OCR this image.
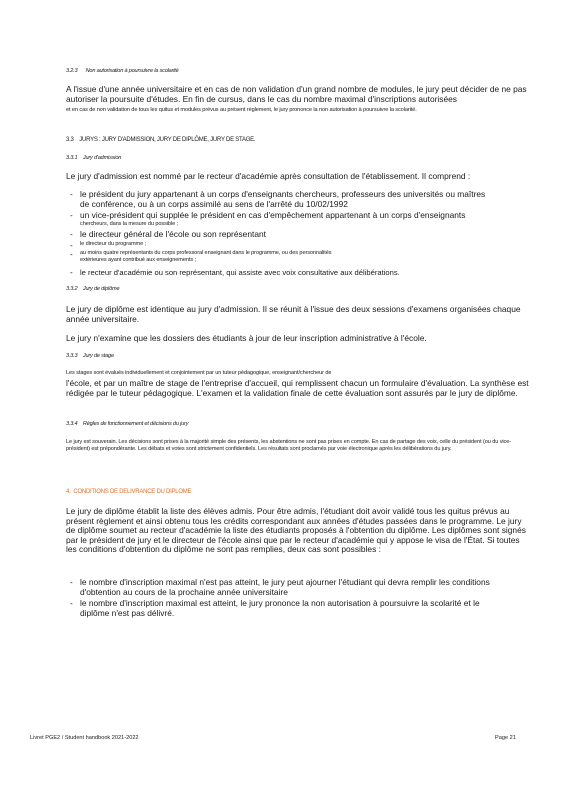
3.2.3 Non autorisation à poursuivre la scolarité

A l'issue d'une année universitaire et en cas de non validation d'un grand nombre de modules, le jury peut décider de ne pas autoriser la poursuite d'études. En fin de cursus, dans le cas du nombre maximal d'inscriptions autorisées

et en cas de non validation de tous les quitus et modules prévus au présent règlement, le jury prononce la non autorisation à poursuivre la scolarité.

3.3 JURYS : JURY D'ADMISSION, JURY DE DIPLÔME, JURY DE STAGE.
3.3.1 Jury d'admission

Le jury d'admission est nommé par le recteur d'académie après consultation de l'établissement. Il comprend :

- le président du jury appartenant à un corps d'enseignants chercheurs, professeurs des universités ou maîtres
de conférence, ou à un corps assimilé au sens de l'arrêté du 10/02/1992
- un vice-président qui supplée le président en cas d'empêchement appartenant à un corps d'enseignants
chercheurs, dans la mesure du possible ;
- le directeur général de l'école ou son représentant
- le directeur du programme ;
- au moins quatre représentants du corps professoral enseignant dans le programme, ou des personnalités
extérieures ayant contribué aux enseignements ;
- le recteur d'académie ou son représentant, qui assiste avec voix consultative aux délibérations.
3.3.2 Jury de diplôme

Le jury de diplôme est identique au jury d'admission. Il se réunit à l'issue des deux sessions d'examens organisées chaque année universitaire.

Le jury n'examine que les dossiers des étudiants à jour de leur inscription administrative à l'école.

3.3.3 Jury de stage

Les stages sont évalués individuellement et conjointement par un tuteur pédagogique, enseignant/chercheur de

l'école, et par un maître de stage de l'entreprise d'accueil, qui remplissent chacun un formulaire d'évaluation. La synthèse est rédigée par le tuteur pédagogique. L'examen et la validation finale de cette évaluation sont assurés par le jury de diplôme.

3.3.4 Règles de fonctionnement et décisions du jury

Le jury est souverain. Les décisions sont prises à la majorité simple des présents, les abstentions ne sont pas prises en compte. En cas de partage des voix, celle du président (ou du vice-président) est prépondérante. Les débats et votes sont strictement confidentiels. Les résultats sont proclamés par voie électronique après les délibérations du jury.

4. CONDITIONS DE DELIVRANCE DU DIPLOME

Le jury de diplôme établit la liste des élèves admis. Pour être admis, l'étudiant doit avoir validé tous les quitus prévus au présent règlement et ainsi obtenu tous les crédits correspondant aux années d'études passées dans le programme. Le jury de diplôme soumet au recteur d'académie la liste des étudiants proposés à l'obtention du diplôme. Les diplômes sont signés par le président de jury et le directeur de l'école ainsi que par le recteur d'académie qui y appose le visa de l'État. Si toutes les conditions d'obtention du diplôme ne sont pas remplies, deux cas sont possibles :

- le nombre d'inscription maximal n'est pas atteint, le jury peut ajourner l'étudiant qui devra remplir les conditions
d'obtention au cours de la prochaine année universitaire
- le nombre d'inscription maximal est atteint, le jury prononce la non autorisation à poursuivre la scolarité et le
diplôme n'est pas délivré.
Livret PGE2 / Student handbook 2021-2022	Page 21
